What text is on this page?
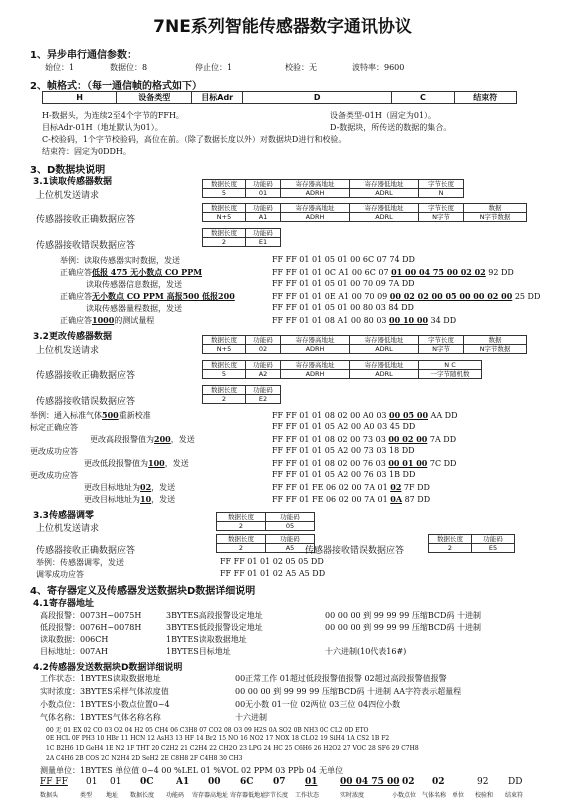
7NE系列智能传感器数字通讯协议
1、异步串行通信参数：
始位：1	数据位：8	停止位：1	校验：无	波特率：9600
2、帧格式：（每一通信帧的格式如下）
H	设备类型	目标Adr	D	C	结束符
H-数据头，为连续2至4个字节的FFH。	设备类型-01H（固定为01）。
目标Adr-01H（地址默认为01）。	D-数据块，所传送的数据的集合。
C-校验码，1个字节校验码，高位在前。（除了数据长度以外）对数据块D进行和校验。
结束符：固定为0DDH。
3、D数据块说明
3.1读取传感器数据
上位机发送请求
数据长度	功能码	寄存器高地址	寄存器低地址	字节长度
5	01	ADRH	ADRL	N
传感器接收正确数据应答
数据长度	功能码	寄存器高地址	寄存器低地址	字节长度	数据
N+5	A1	ADRH	ADRL	N字节	N字节数据
传感器接收错误数据应答
数据长度	功能码
2	E1
举例：读取传感器实时数据，发送	FF FF 01 01 05 01 00 6C 07 74 DD
正确应答低报 475 无小数点 CO PPM	FF FF 01 01 0C A1 00 6C 07 01 00 04 75 00 02 02 92 DD
读取传感器信息数据，发送	FF FF 01 01 05 01 00 70 09 7A DD
正确应答无小数点 CO PPM 高报500 低报200	FF FF 01 01 0E A1 00 70 09 00 02 02 00 05 00 00 02 00 25 DD
读取传感器量程数据，发送	FF FF 01 01 05 01 00 80 03 84 DD
正确应答1000的测试量程	FF FF 01 01 08 A1 00 80 03 00 10 00 34 DD
3.2更改传感器数据
上位机发送请求
数据长度	功能码	寄存器高地址	寄存器低地址	字节长度	数据
N+5	02	ADRH	ADRL	N字节	N字节数据
传感器接收正确数据应答
数据长度	功能码	寄存器高地址	寄存器低地址	N C
5	A2	ADRH	ADRL	一字节随机数
传感器接收错误数据应答
数据长度	功能码
2	E2
举例：通入标准气体500重新校准	FF FF 01 01 08 02 00 A0 03 00 05 00 AA DD
标定正确应答	FF FF 01 01 05 A2 00 A0 03 45 DD
更改高段报警值为200，发送	FF FF 01 01 08 02 00 73 03 00 02 00 7A DD
更改成功应答	FF FF 01 01 05 A2 00 73 03 18 DD
更改低段报警值为100，发送	FF FF 01 01 08 02 00 76 03 00 01 00 7C DD
更改成功应答	FF FF 01 01 05 A2 00 76 03 1B DD
更改目标地址为02，发送	FF FF 01 FE 06 02 00 7A 01 02 7F DD
更改目标地址为10，发送	FF FF 01 FE 06 02 00 7A 01 0A 87 DD
3.3传感器调零
上位机发送请求
数据长度	功能码
2	05
传感器接收正确数据应答
数据长度	功能码
2	A5 传感器接收错误数据应答
数据长度	功能码
2	E5
举例：传感器调零，发送	FF FF 01 01 02 05 05 DD
调零成功应答	FF FF 01 01 02 A5 A5 DD
4、寄存器定义及传感器发送数据块D数据详细说明
4.1寄存器地址
高段报警：0073H~0075H	3BYTES高段报警设定地址	00 00 00 到 99 99 99 压缩BCD码 十进制
低段报警：0076H~0078H	3BYTES低段报警设定地址	00 00 00 到 99 99 99 压缩BCD码 十进制
读取数据：006CH	1BYTES读取数据地址
目标地址：007AH	1BYTES目标地址	十六进制(10代表16#)
4.2传感器发送数据块D数据详细说明
工作状态：1BYTES读取数据地址	00正常工作 01超过低段报警值报警 02超过高段报警值报警
实时浓度：3BYTES采样气体浓度值	00 00 00 到 99 99 99 压缩BCD码 十进制 AA字符表示超量程
小数点位：1BYTES小数点位置0~4	00无小数 01一位 02两位 03三位 04四位小数
气体名称：1BYTES气体名称名称	十六进制
00 无 01 EX 02 CO 03 O2 04 H2 05 CH4 06 C3H8 07 CO2 08 O3 09 H2S 0A SO2 0B NH3 0C CL2 0D ETO
0E HCL 0F PH3 10 HBr 11 HCN 12 AsH3 13 HF 14 Br2 15 NO 16 NO2 17 NOX 18 CLO2 19 SiH4 1A CS2 1B F2
1C B2H6 1D GeH4 1E N2 1F THT 20 C2H2 21 C2H4 22 CH2O 23 LPG 24 HC 25 C6H6 26 H2O2 27 VOC 28 SF6 29 C7H8
2A C4H6 2B COS 2C N2H4 2D SeH2 2E C8H8 2F C4H8 30 CH3
测量单位：1BYTES 单位值 0~4 00 %LEL 01 %VOL 02 PPM 03 PPb 04 无单位
FF FF 01 01 0C	A1 00 6C 07 01 00 04 75 00 02 02	92 DD
数据头	类型 地址 数据长度 功能码 寄存器高地址 寄存器低地址
字节长度 工作状态	实时浓度	小数点位 气体名称 单位 校验和 结束符
